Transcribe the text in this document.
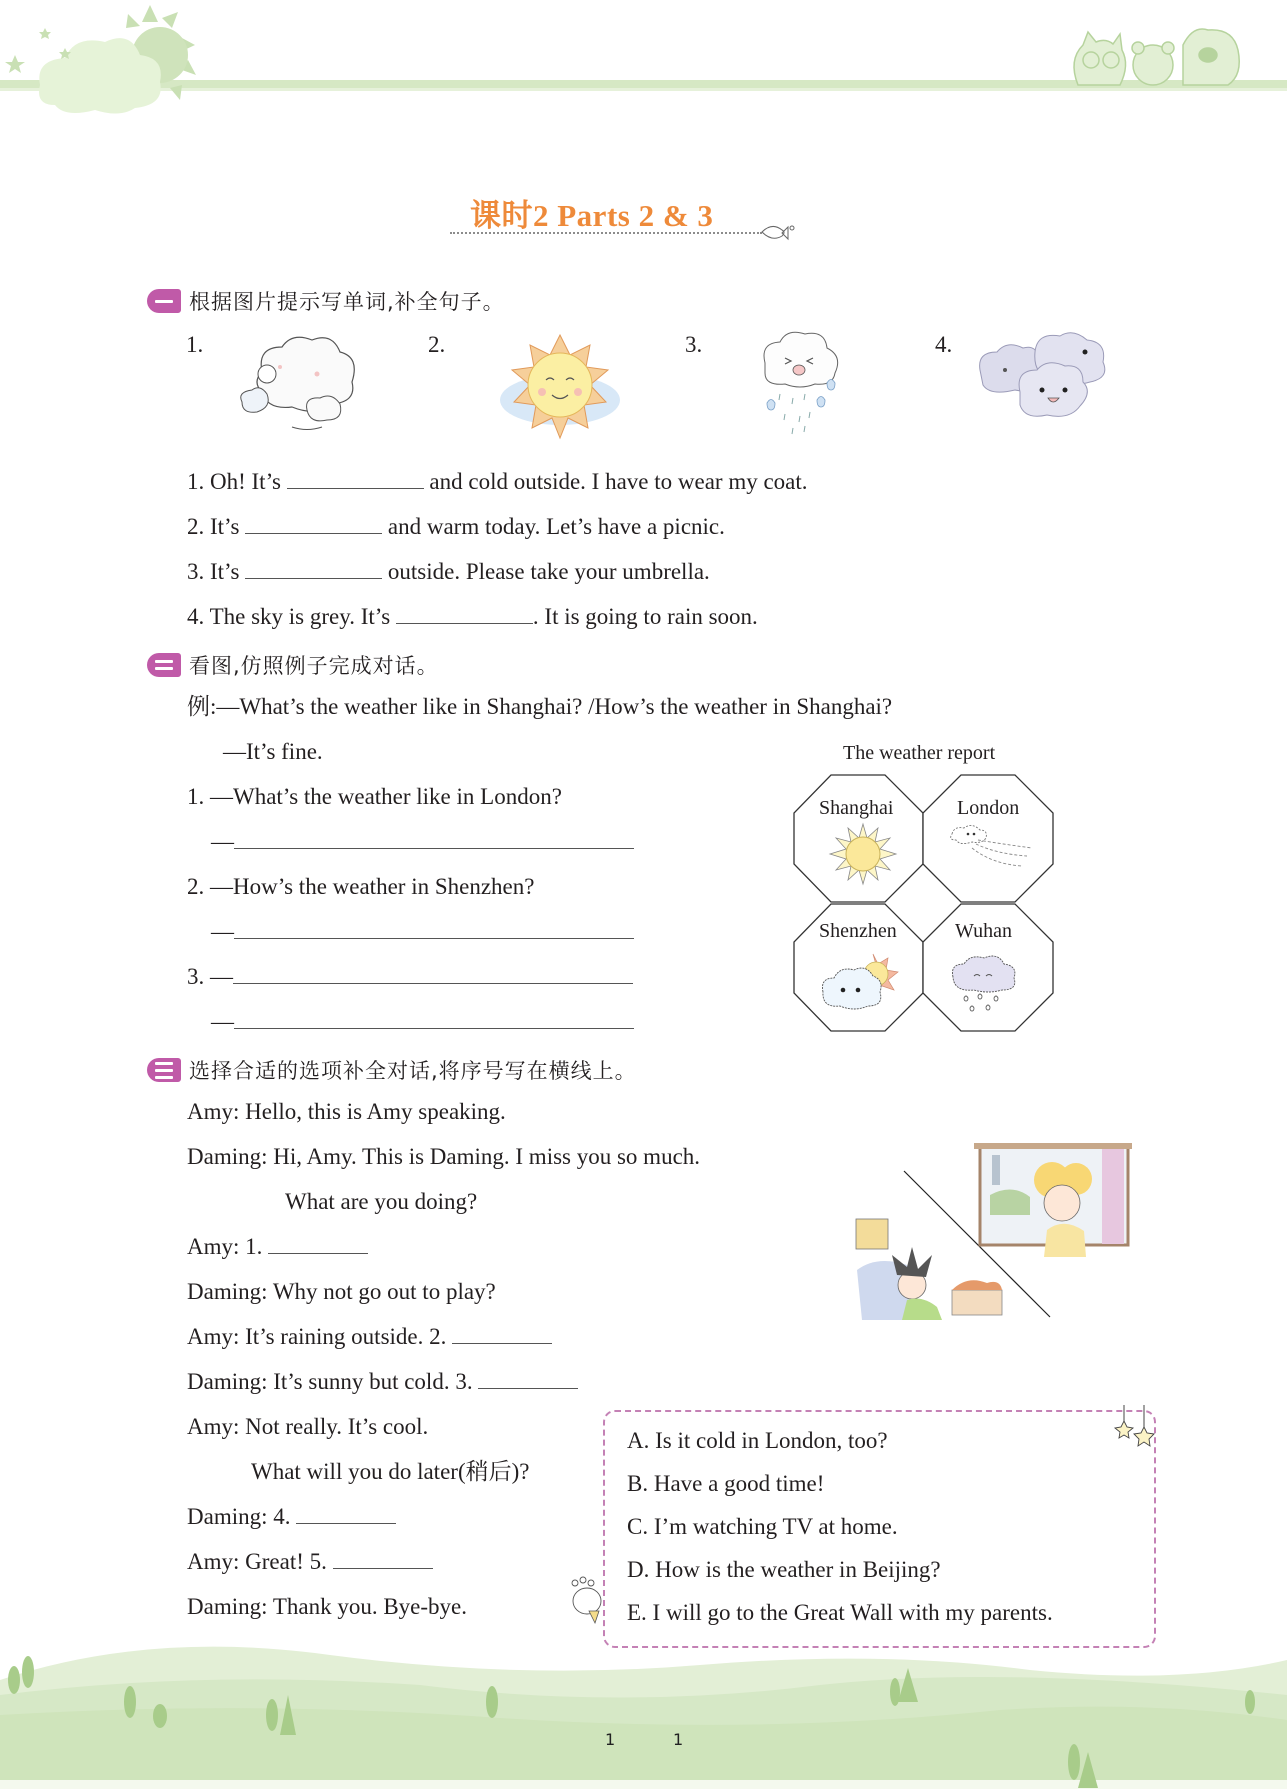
课时2 Parts 2 & 3
根据图片提示写单词,补全句子。
1.	2.	3.	4.
1. Oh! It’s	and cold outside. I have to wear my coat.
2. It’s	and warm today. Let’s have a picnic.
3. It’s	outside. Please take your umbrella.
4. The sky is grey. It’s	. It is going to rain soon.
看图,仿照例子完成对话。
例:—What’s the weather like in Shanghai? /How’s the weather in Shanghai?
—It’s fine.
1. —What’s the weather like in London?
—
2. —How’s the weather in Shenzhen?
—
3. —
—
The weather report
Shanghai	London
Shenzhen	Wuhan
选择合适的选项补全对话,将序号写在横线上。
Amy: Hello, this is Amy speaking.
Daming: Hi, Amy. This is Daming. I miss you so much.
What are you doing?
Amy: 1.
Daming: Why not go out to play?
Amy: It’s raining outside. 2.
Daming: It’s sunny but cold. 3.
Amy: Not really. It’s cool.
What will you do later(稍后)?
Daming: 4.
Amy: Great! 5.
Daming: Thank you. Bye-bye.
A. Is it cold in London, too?
B. Have a good time!
C. I’m watching TV at home.
D. How is the weather in Beijing?
E. I will go to the Great Wall with my parents.
1	1
